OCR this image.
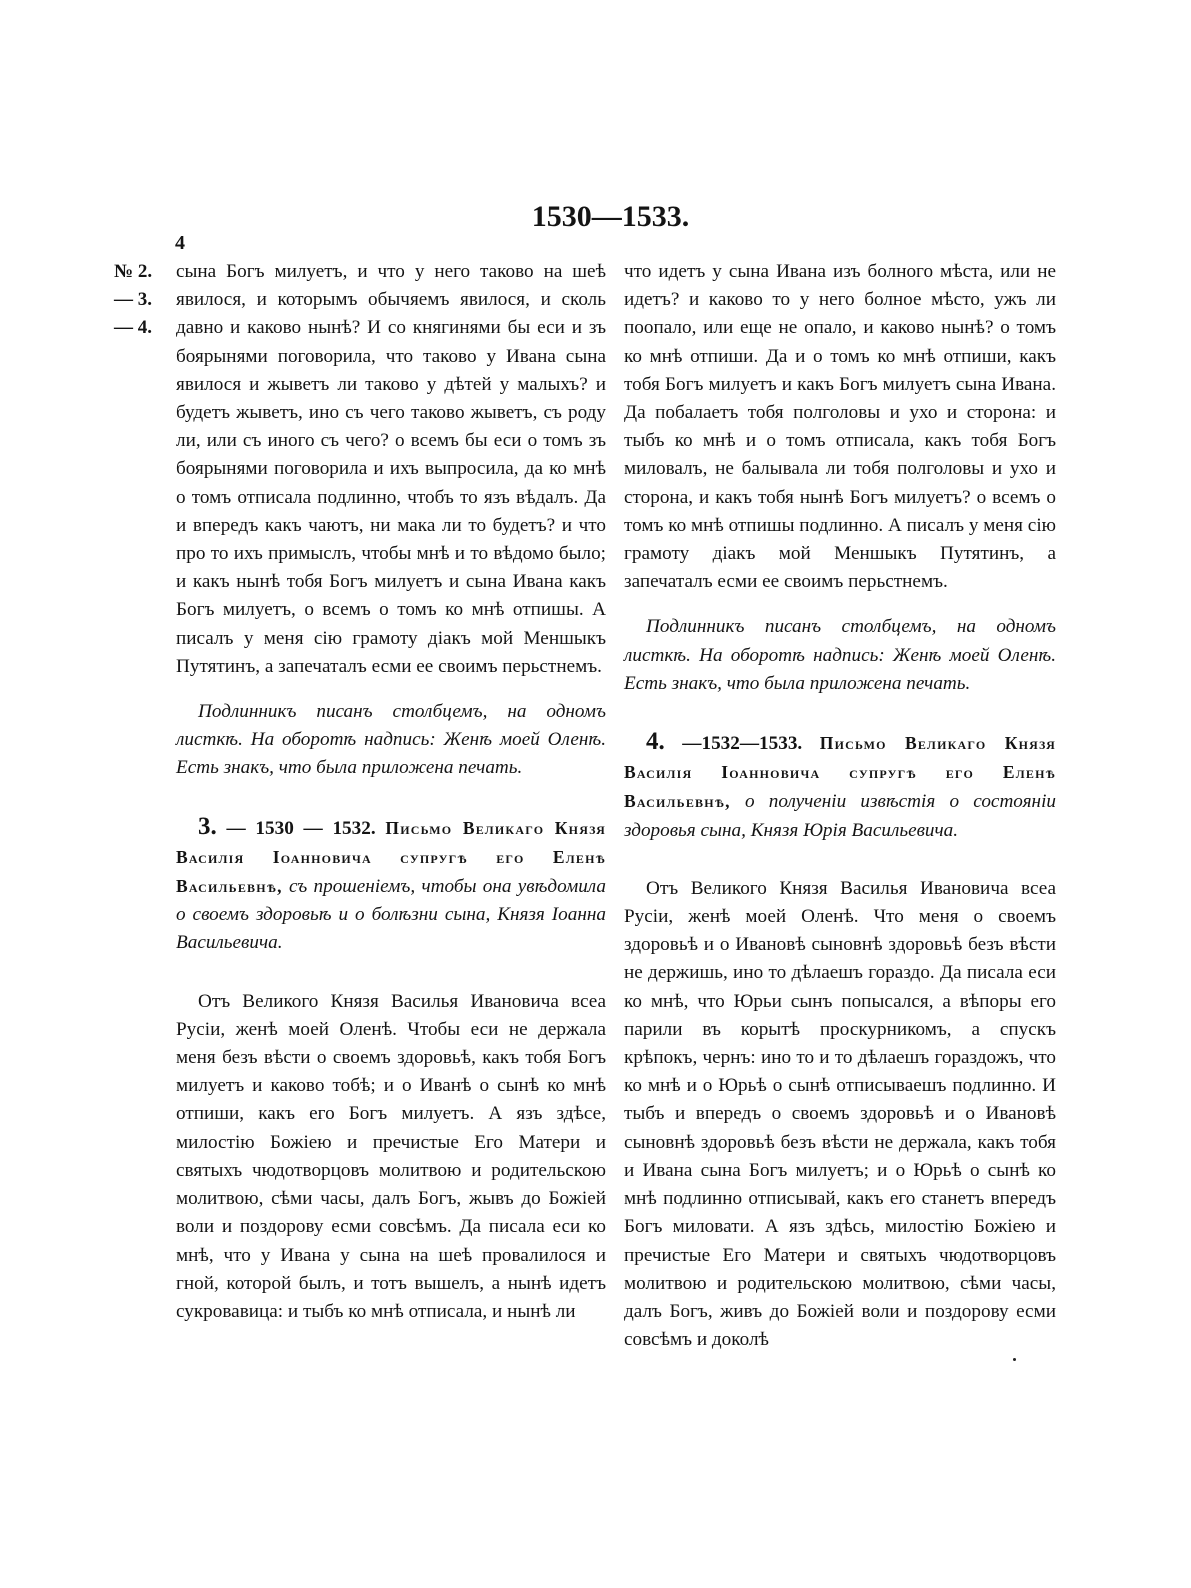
1530—1533.
4
№ 2.
— 3.
— 4.

сына Богъ милуетъ, и что у него таково на шеѣ явилося, и которымъ обычяемъ явилося, и сколь давно и каково нынѣ? И со княгинями бы еси и зъ боярынями поговорила, что таково у Ивана сына явилося и жыветъ ли таково у дѣтей у малыхъ? и будетъ жыветъ, ино съ чего таково жыветъ, съ роду ли, или съ иного съ чего? о всемъ бы еси о томъ зъ боярынями поговорила и ихъ выпросила, да ко мнѣ о томъ отписала подлинно, чтобъ то язъ вѣдалъ. Да и впередъ какъ чаютъ, ни мака ли то будетъ? и что про то ихъ примыслъ, чтобы мнѣ и то вѣдомо было; и какъ нынѣ тобя Богъ милуетъ и сына Ивана какъ Богъ милуетъ, о всемъ о томъ ко мнѣ отпишы. А писалъ у меня сію грамоту діакъ мой Меншыкъ Путятинъ, а запечаталъ есми ее своимъ перьстнемъ.

Подлинникъ писанъ столбцемъ, на одномъ листкѣ. На оборотѣ надпись: Женѣ моей Оленѣ. Есть знакъ, что была приложена печать.

3. — 1530 — 1532. Письмо Великаго Князя Василія Іоанновича супругѣ его Еленѣ Васильевнѣ, съ прошеніемъ, чтобы она увѣдомила о своемъ здоровьѣ и о болѣзни сына, Князя Іоанна Васильевича.

Отъ Великого Князя Василья Ивановича всеа Русіи, женѣ моей Оленѣ. Чтобы еси не держала меня безъ вѣсти о своемъ здоровьѣ, какъ тобя Богъ милуетъ и каково тобѣ; и о Иванѣ о сынѣ ко мнѣ отпиши, какъ его Богъ милуетъ. А язъ здѣсе, милостію Божіею и пречистые Его Матери и святыхъ чюдотворцовъ молитвою и родительскою молитвою, сѣми часы, далъ Богъ, жывъ до Божіей воли и поздорову есми совсѣмъ. Да писала еси ко мнѣ, что у Ивана у сына на шеѣ провалилося и гной, которой былъ, и тотъ вышелъ, а нынѣ идетъ сукровавица: и тыбъ ко мнѣ отписала, и нынѣ ли

что идетъ у сына Ивана изъ болного мѣста, или не идетъ? и каково то у него болное мѣсто, ужъ ли поопало, или еще не опало, и каково нынѣ? о томъ ко мнѣ отпиши. Да и о томъ ко мнѣ отпиши, какъ тобя Богъ милуетъ и какъ Богъ милуетъ сына Ивана. Да побалаетъ тобя полголовы и ухо и сторона: и тыбъ ко мнѣ и о томъ отписала, какъ тобя Богъ миловалъ, не балывала ли тобя полголовы и ухо и сторона, и какъ тобя нынѣ Богъ милуетъ? о всемъ о томъ ко мнѣ отпишы подлинно. А писалъ у меня сію грамоту діакъ мой Меншыкъ Путятинъ, а запечаталъ есми ее своимъ перьстнемъ.

Подлинникъ писанъ столбцемъ, на одномъ листкѣ. На оборотѣ надпись: Женѣ моей Оленѣ. Есть знакъ, что была приложена печать.

4. —1532—1533. Письмо Великаго Князя Василія Іоанновича супругѣ его Еленѣ Васильевнѣ, о полученіи извѣстія о состояніи здоровья сына, Князя Юрія Васильевича.

Отъ Великого Князя Василья Ивановича всеа Русіи, женѣ моей Оленѣ. Что меня о своемъ здоровьѣ и о Ивановѣ сыновнѣ здоровьѣ безъ вѣсти не держишь, ино то дѣлаешъ гораздо. Да писала еси ко мнѣ, что Юрьи сынъ попысался, а вѣпоры его парили въ корытѣ проскурникомъ, а спускъ крѣпокъ, чернъ: ино то и то дѣлаешъ гораздожъ, что ко мнѣ и о Юрьѣ о сынѣ отписываешъ подлинно. И тыбъ и впередъ о своемъ здоровьѣ и о Ивановѣ сыновнѣ здоровьѣ безъ вѣсти не держала, какъ тобя и Ивана сына Богъ милуетъ; и о Юрьѣ о сынѣ ко мнѣ подлинно отписывай, какъ его станетъ впередъ Богъ миловати. А язъ здѣсь, милостію Божіею и пречистые Его Матери и святыхъ чюдотворцовъ молитвою и родительскою молитвою, сѣми часы, далъ Богъ, живъ до Божіей воли и поздорову есми совсѣмъ и доколѣ
